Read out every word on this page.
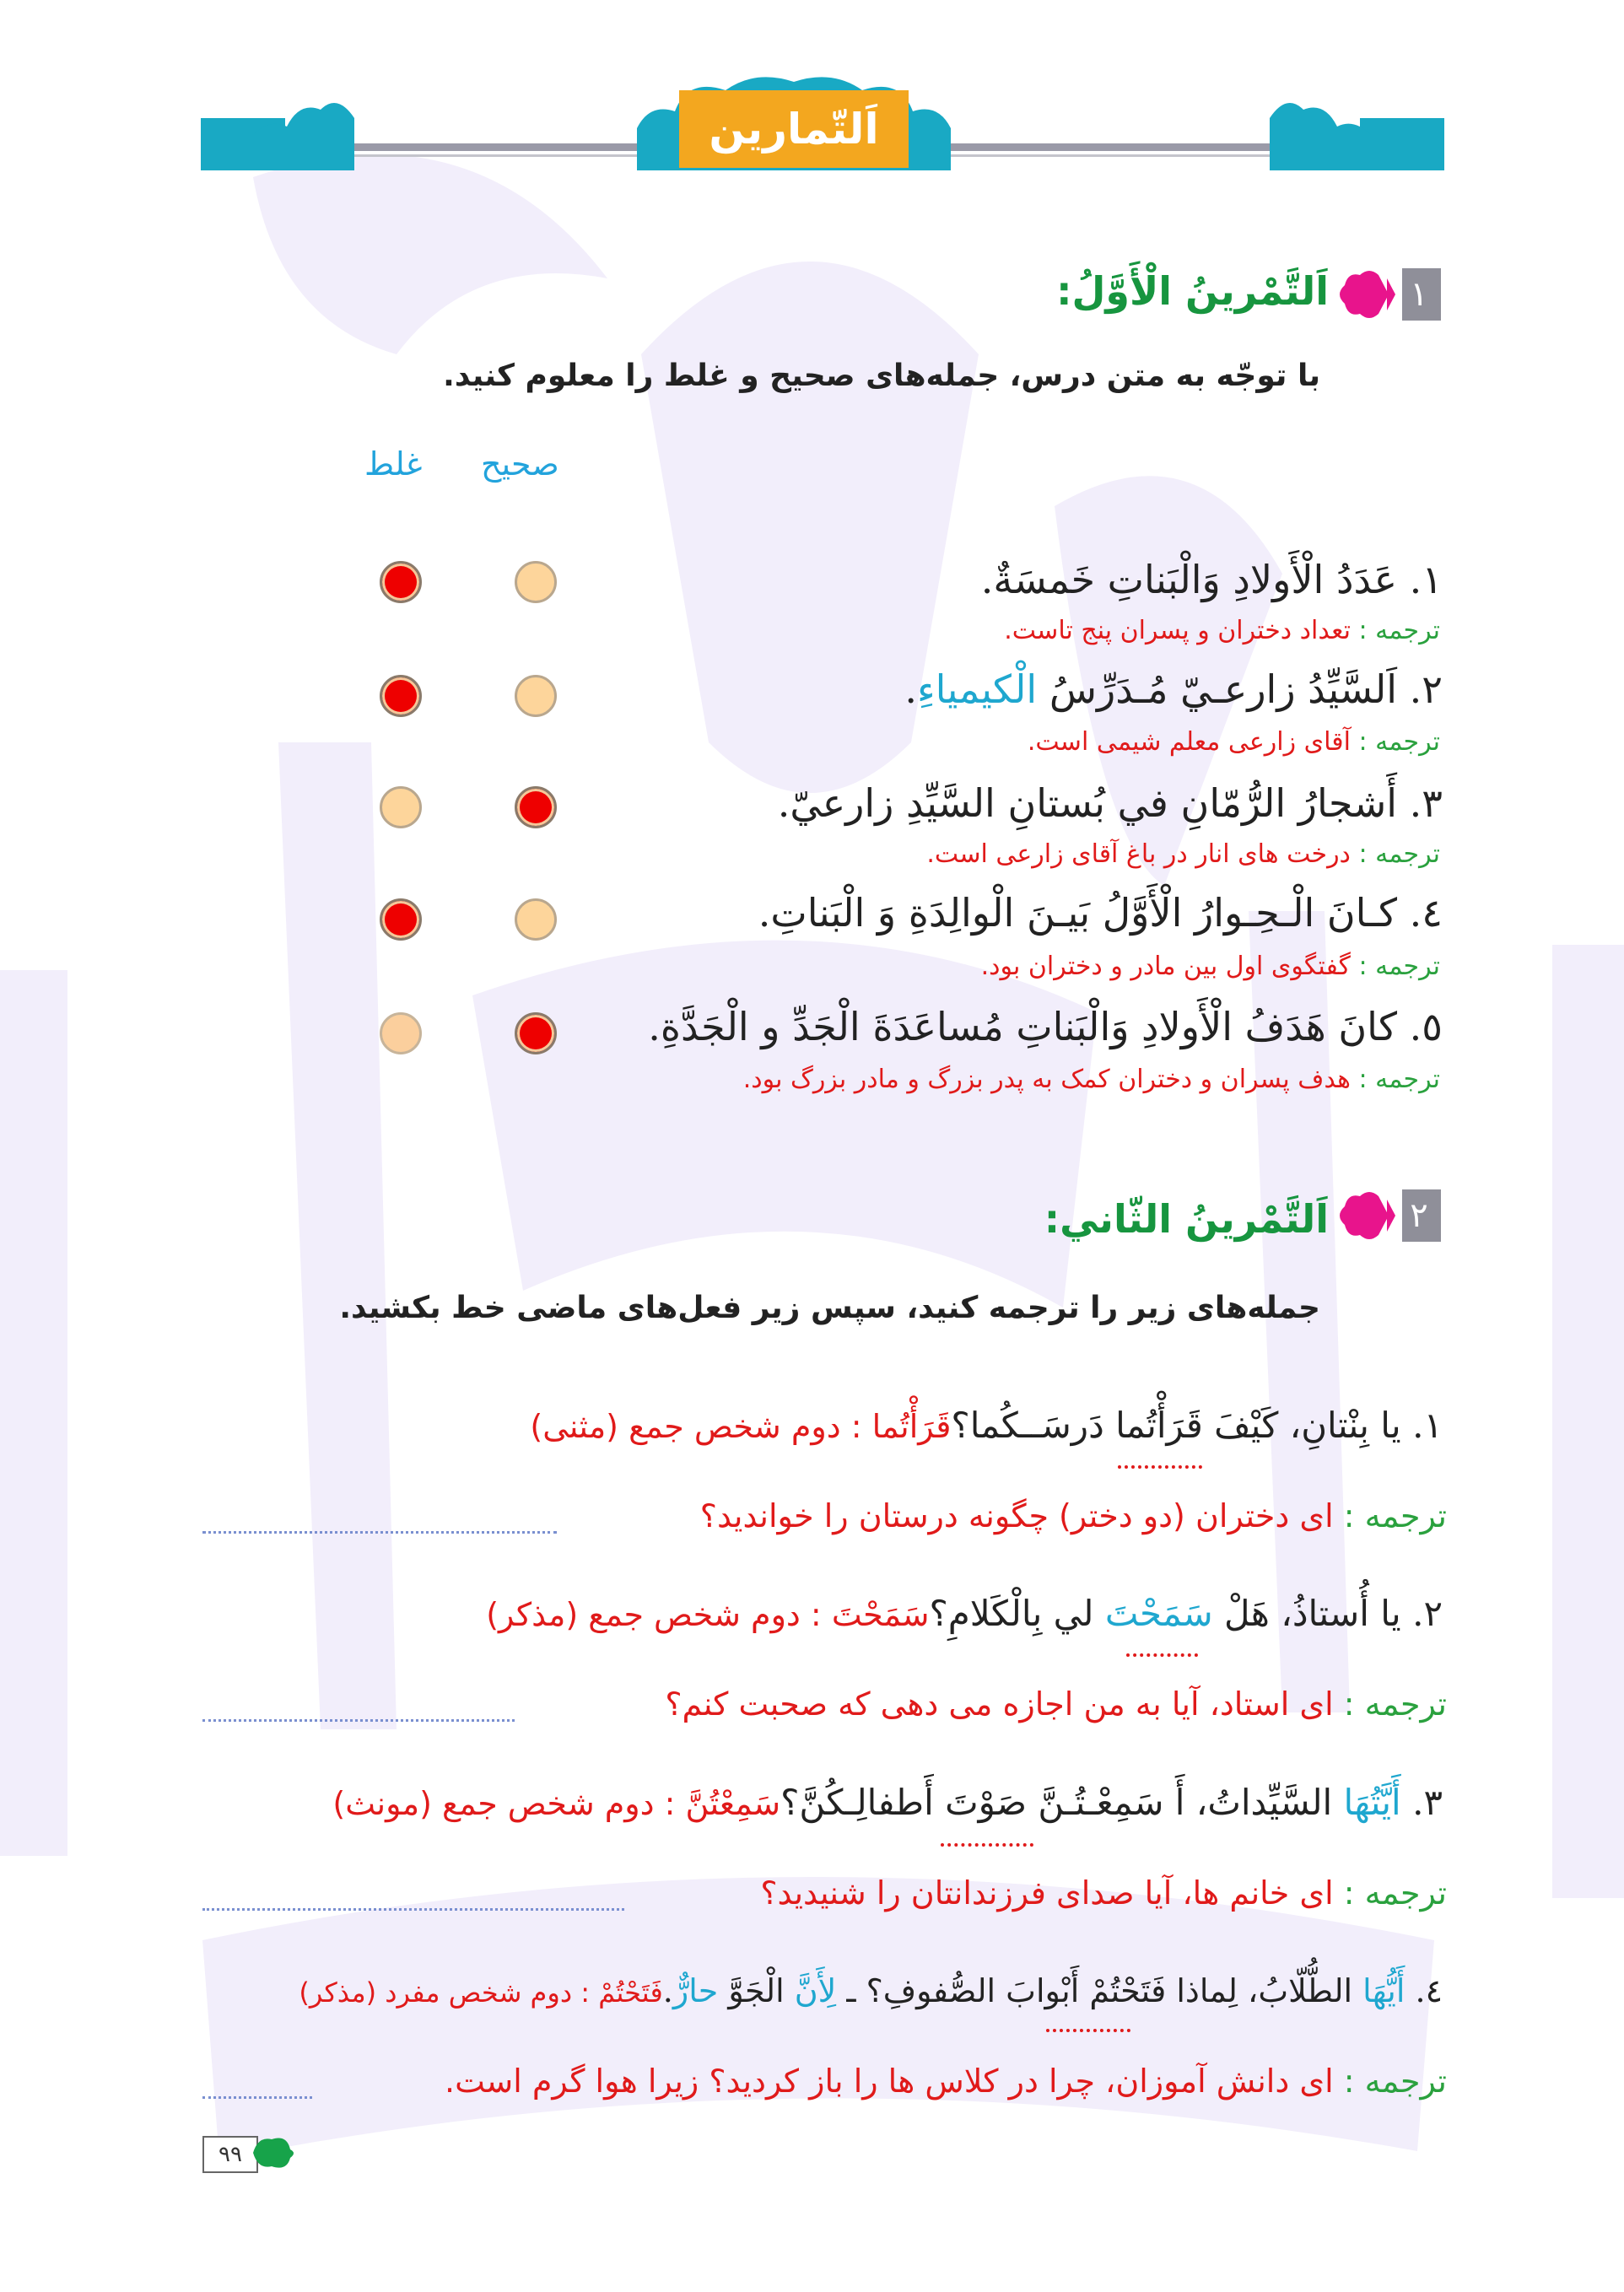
اَلتّمارين
١
اَلتَّمْرينُ الْأَوَّلُ:
با توجّه به متن درس، جمله‌های صحیح و غلط را معلوم کنید.
صحیح
غلط
١. عَدَدُ الْأَولادِ وَالْبَناتِ خَمسَةٌ.
ترجمه : تعداد دختران و پسران پنج تاست.
٢. اَلسَّيِّدُ زارعـيّ مُـدَرِّسُ الْكيمياءِ.
ترجمه : آقای زارعی معلم شیمی است.
٣. أَشجارُ الرُّمّانِ في بُستانِ السَّيِّدِ زارعيّ.
ترجمه : درخت های انار در باغ آقای زارعی است.
٤. كـانَ الْـحِـوارُ الْأَوَّلُ بَيـنَ الْوالِدَةِ وَ الْبَناتِ.
ترجمه : گفتگوی اول بین مادر و دختران بود.
٥. كانَ هَدَفُ الْأَولادِ وَالْبَناتِ مُساعَدَةَ الْجَدِّ و الْجَدَّةِ.
ترجمه : هدف پسران و دختران کمک به پدر بزرگ و مادر بزرگ بود.
٢
اَلتَّمْرينُ الثّاني:
جمله‌های زیر را ترجمه کنید، سپس زیر فعل‌های ماضی خط بکشید.
١. يا بِنْتانِ، كَيْفَ قَرَأْتُما دَرسَــكُما؟قَرَأْتُما : دوم شخص جمع (مثنى)
ترجمه : ای دختران (دو دختر) چگونه درستان را خواندید؟
٢. يا أُستاذُ، هَلْ سَمَحْتَ لي بِالْكَلامِ؟سَمَحْتَ : دوم شخص جمع (مذکر)
ترجمه : ای استاد، آیا به من اجازه می دهی که صحبت کنم؟
٣. أَيَّتُهَا السَّيِّداتُ، أَ سَمِعْـتُـنَّ صَوْتَ أَطفالِـكُنَّ؟سَمِعْتُنَّ : دوم شخص جمع (مونث)
ترجمه : ای خانم ها، آیا صدای فرزندانتان را شنیدید؟
٤. أَيُّهَا الطُّلّابُ، لِماذا فَتَحْتُمْ أَبْوابَ الصُّفوفِ؟ ـ لِأَنَّ الْجَوَّ حارٌّ.فَتَحْتُمْ : دوم شخص مفرد (مذکر)
ترجمه : ای دانش آموزان، چرا در کلاس ها را باز کردید؟ زیرا هوا گرم است.
٩٩
